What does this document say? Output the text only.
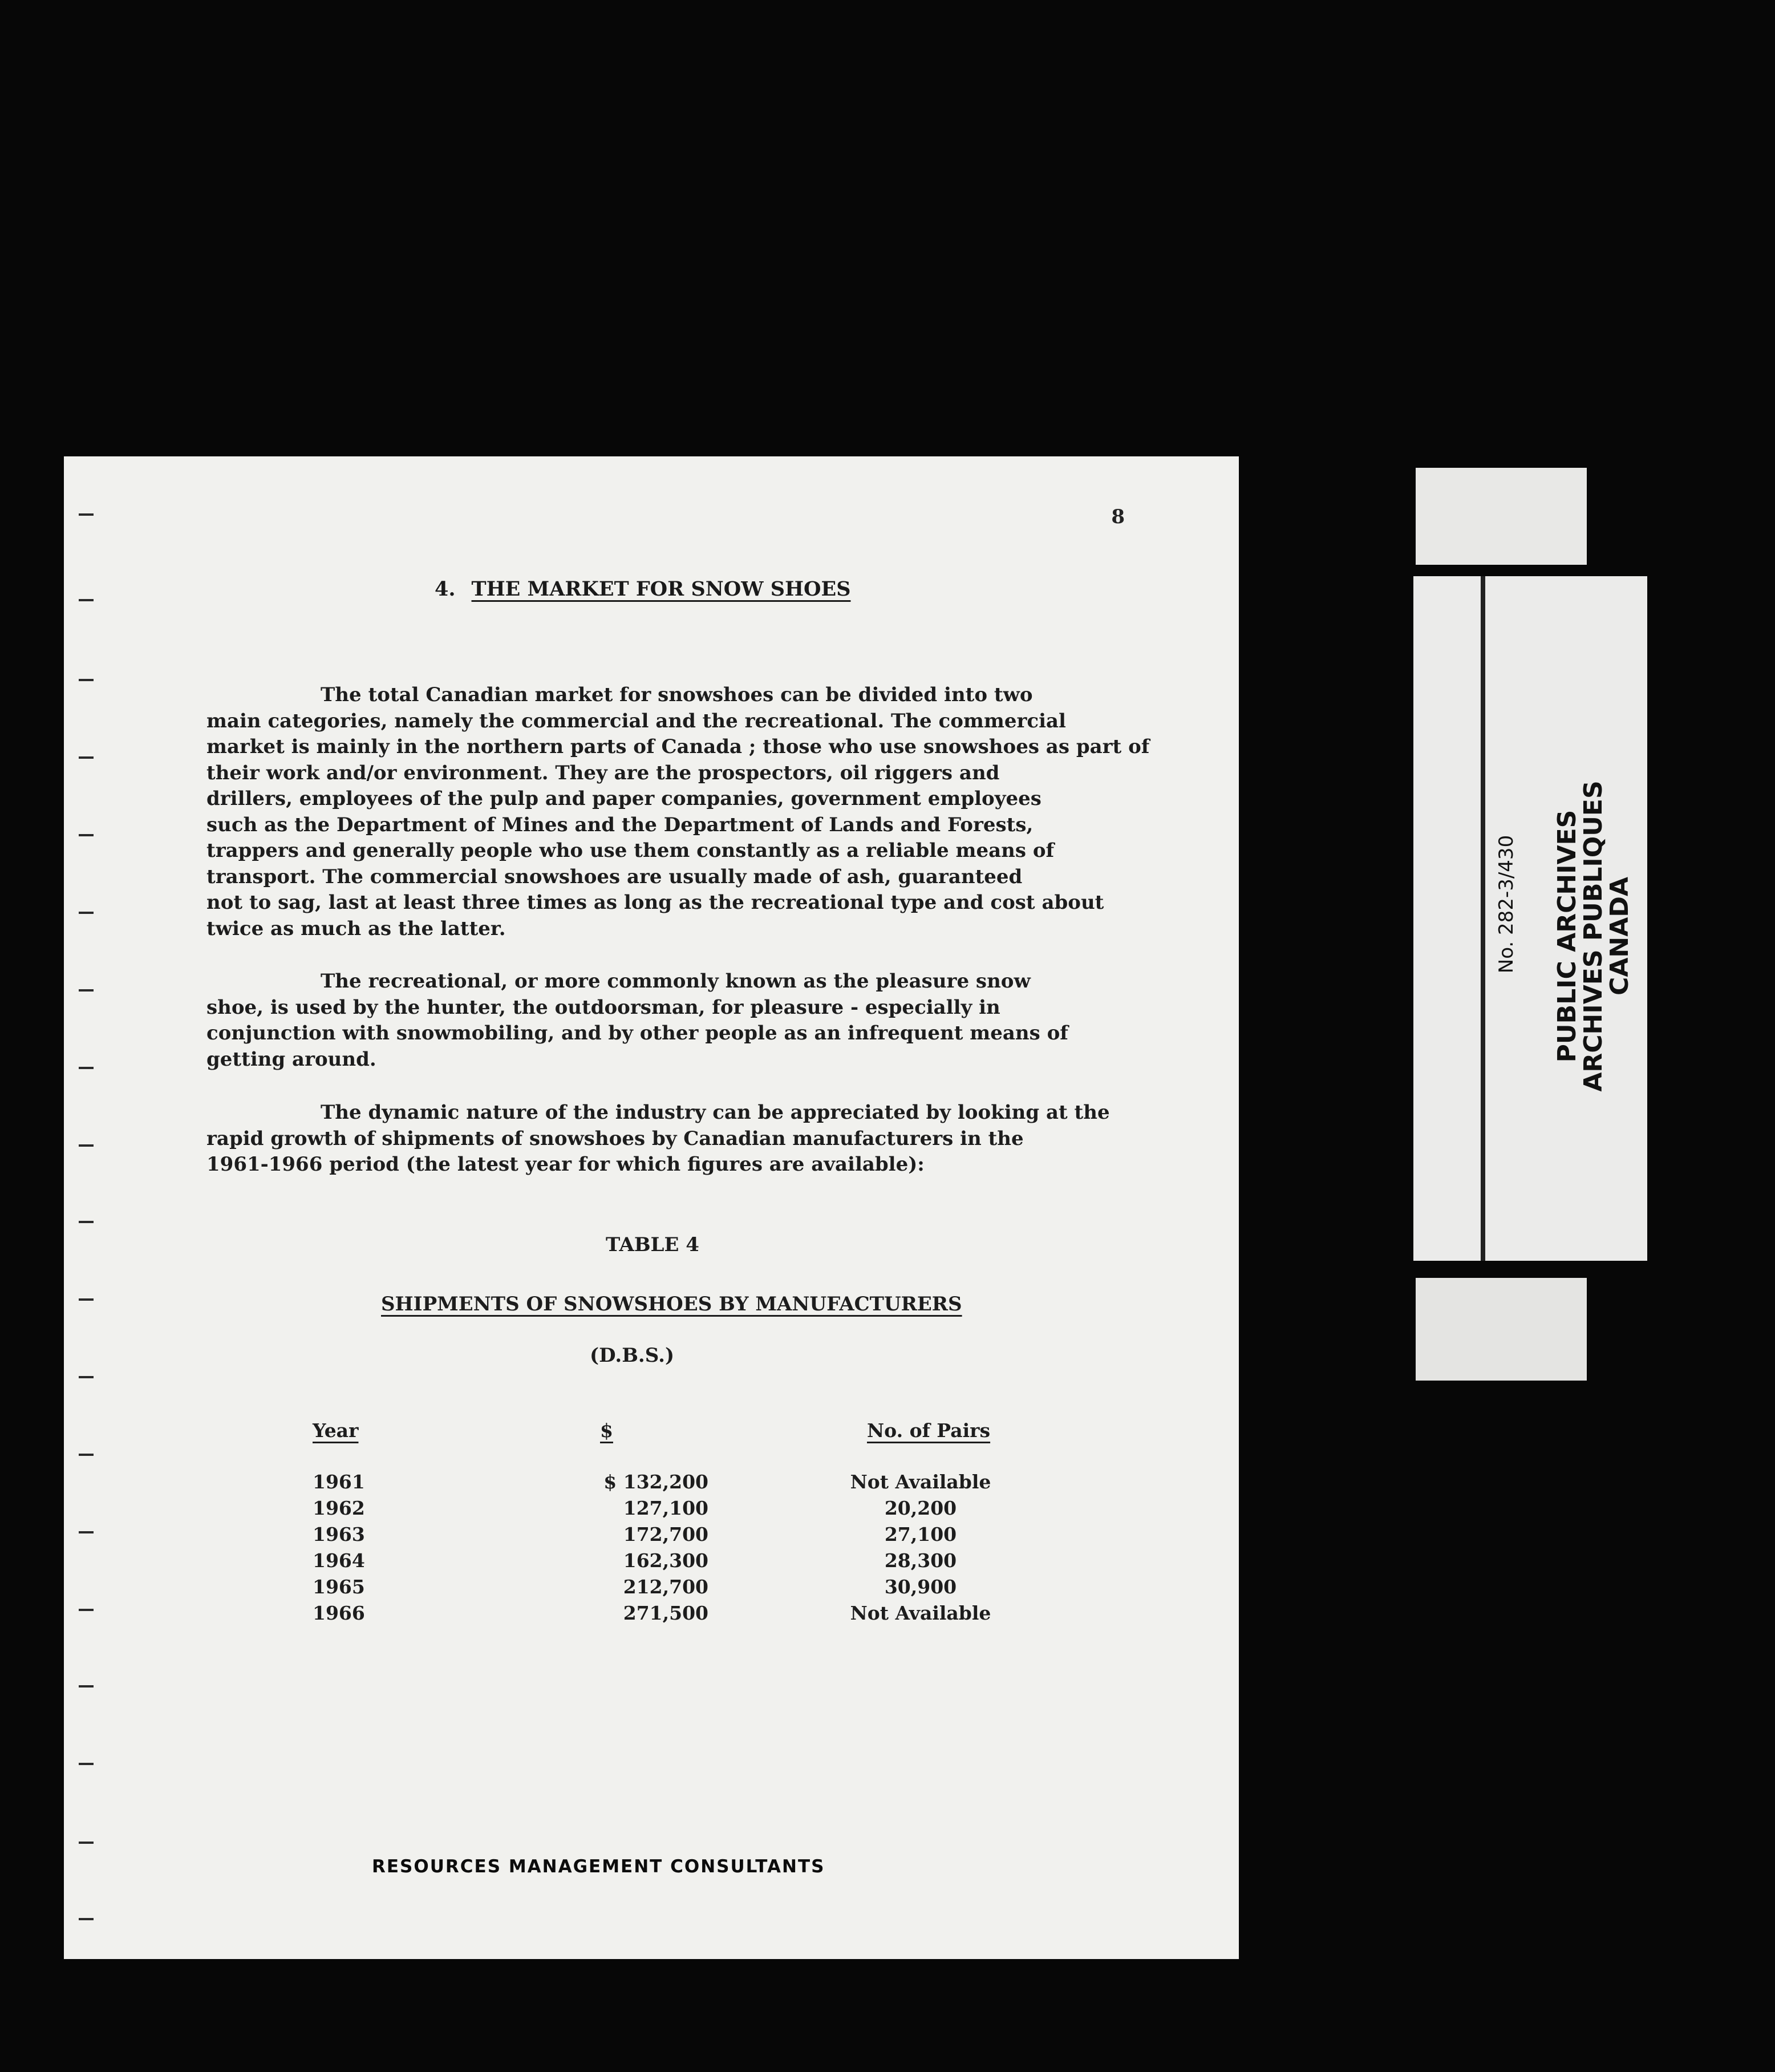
8
4. THE MARKET FOR SNOW SHOES
The total Canadian market for snowshoes can be divided into two
main categories, namely the commercial and the recreational. The commercial
market is mainly in the northern parts of Canada ; those who use snowshoes as part of
their work and/or environment. They are the prospectors, oil riggers and
drillers, employees of the pulp and paper companies, government employees
such as the Department of Mines and the Department of Lands and Forests,
trappers and generally people who use them constantly as a reliable means of
transport. The commercial snowshoes are usually made of ash, guaranteed
not to sag, last at least three times as long as the recreational type and cost about
twice as much as the latter.
The recreational, or more commonly known as the pleasure snow
shoe, is used by the hunter, the outdoorsman, for pleasure - especially in
conjunction with snowmobiling, and by other people as an infrequent means of
getting around.
The dynamic nature of the industry can be appreciated by looking at the
rapid growth of shipments of snowshoes by Canadian manufacturers in the
1961-1966 period (the latest year for which figures are available):
TABLE 4
SHIPMENTS OF SNOWSHOES BY MANUFACTURERS
(D.B.S.)
Year	$	No. of Pairs
1961	$ 132,200	Not Available
1962	127,100	20,200
1963	172,700	27,100
1964	162,300	28,300
1965	212,700	30,900
1966	271,500	Not Available
RESOURCES MANAGEMENT CONSULTANTS
No. 282-3/430 PUBLIC ARCHIVES
ARCHIVES PUBLIQUES
CANADA
